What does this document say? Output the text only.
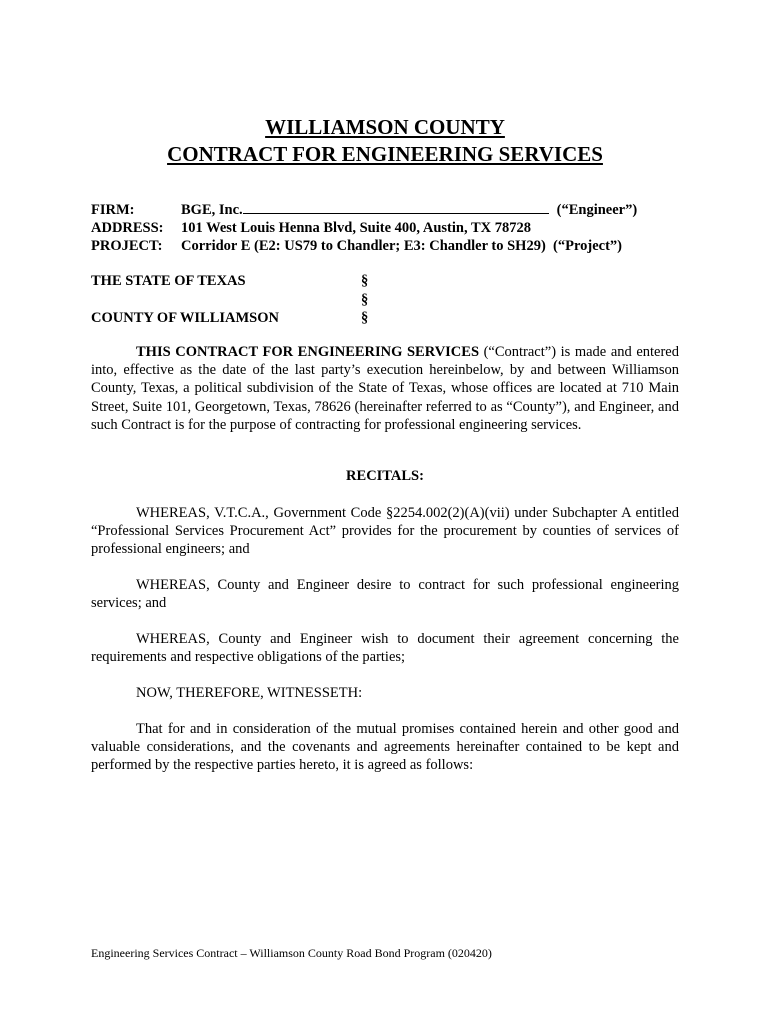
WILLIAMSON COUNTY
CONTRACT FOR ENGINEERING SERVICES
FIRM:	BGE, Inc.	(“Engineer”)
ADDRESS: 101 West Louis Henna Blvd, Suite 400, Austin, TX 78728
PROJECT: Corridor E (E2: US79 to Chandler; E3: Chandler to SH29) (“Project”)
THE STATE OF TEXAS
COUNTY OF WILLIAMSON
§
§
§
THIS CONTRACT FOR ENGINEERING SERVICES (“Contract”) is made and entered into, effective as the date of the last party’s execution hereinbelow, by and between Williamson County, Texas, a political subdivision of the State of Texas, whose offices are located at 710 Main Street, Suite 101, Georgetown, Texas, 78626 (hereinafter referred to as “County”), and Engineer, and such Contract is for the purpose of contracting for professional engineering services.
RECITALS:
WHEREAS, V.T.C.A., Government Code §2254.002(2)(A)(vii) under Subchapter A entitled “Professional Services Procurement Act” provides for the procurement by counties of services of professional engineers; and
WHEREAS, County and Engineer desire to contract for such professional engineering services; and
WHEREAS, County and Engineer wish to document their agreement concerning the requirements and respective obligations of the parties;
NOW, THEREFORE, WITNESSETH:
That for and in consideration of the mutual promises contained herein and other good and valuable considerations, and the covenants and agreements hereinafter contained to be kept and performed by the respective parties hereto, it is agreed as follows:
Engineering Services Contract – Williamson County Road Bond Program (020420)
